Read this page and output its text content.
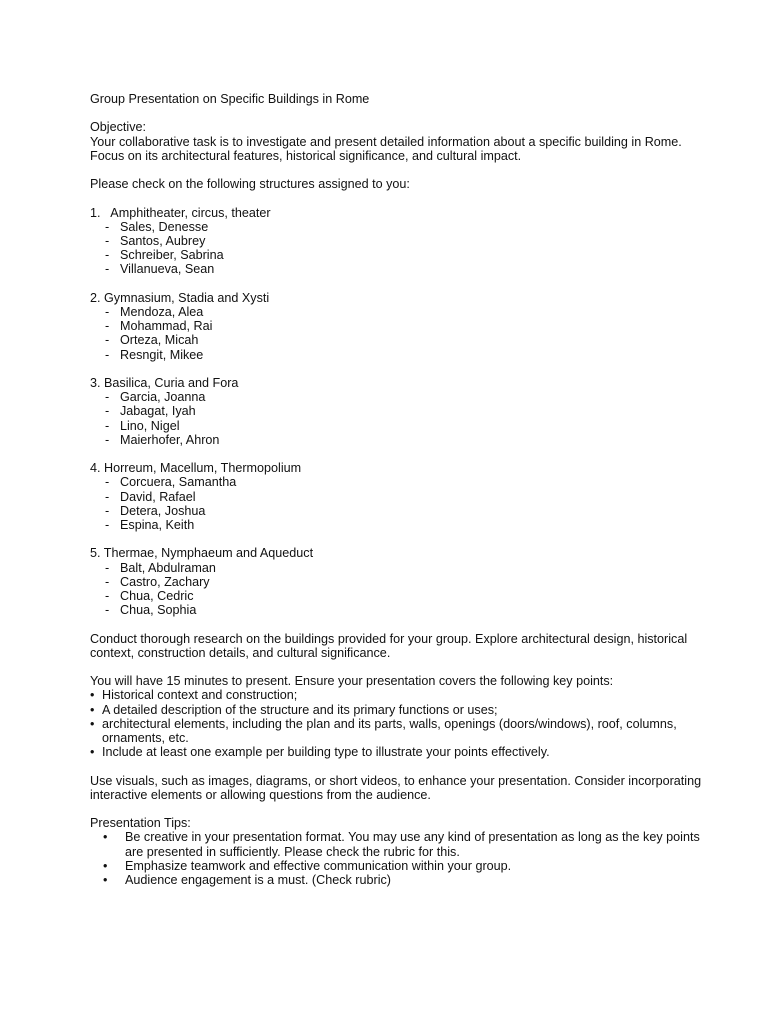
Group Presentation on Specific Buildings in Rome

Objective:

Your collaborative task is to investigate and present detailed information about a specific building in Rome. Focus on its architectural features, historical significance, and cultural impact.

Please check on the following structures assigned to you:

1.   Amphitheater, circus, theater

- Sales, Denesse
- Santos, Aubrey
- Schreiber, Sabrina
- Villanueva, Sean

2. Gymnasium, Stadia and Xysti

- Mendoza, Alea
- Mohammad, Rai
- Orteza, Micah
- Resngit, Mikee

3. Basilica, Curia and Fora

- Garcia, Joanna
- Jabagat, Iyah
- Lino, Nigel
- Maierhofer, Ahron

4. Horreum, Macellum, Thermopolium

- Corcuera, Samantha
- David, Rafael
- Detera, Joshua
- Espina, Keith

5. Thermae, Nymphaeum and Aqueduct

- Balt, Abdulraman
- Castro, Zachary
- Chua, Cedric
- Chua, Sophia

Conduct thorough research on the buildings provided for your group. Explore architectural design, historical context, construction details, and cultural significance.

You will have 15 minutes to present. Ensure your presentation covers the following key points:

• Historical context and construction;
• A detailed description of the structure and its primary functions or uses;
• architectural elements, including the plan and its parts, walls, openings (doors/windows), roof, columns, ornaments, etc.
• Include at least one example per building type to illustrate your points effectively.

Use visuals, such as images, diagrams, or short videos, to enhance your presentation. Consider incorporating interactive elements or allowing questions from the audience.

Presentation Tips:

• Be creative in your presentation format. You may use any kind of presentation as long as the key points are presented in sufficiently. Please check the rubric for this.
• Emphasize teamwork and effective communication within your group.
• Audience engagement is a must. (Check rubric)
